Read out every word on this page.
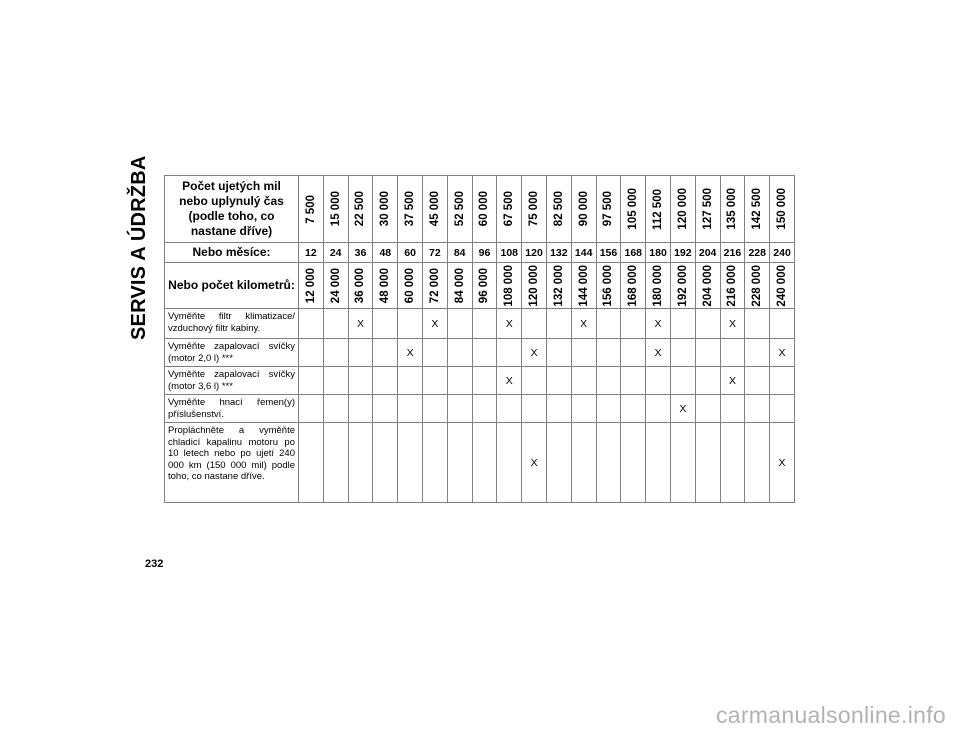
SERVIS A ÚDRŽBA	Počet ujetých mil nebo uplynulý čas (podle toho, co nastane dříve)	7 500	15 000	22 500	30 000	37 500	45 000	52 500	60 000	67 500	75 000	82 500	90 000	97 500	105 000	112 500	120 000	127 500	135 000	142 500	150 000

Nebo měsíce:	12	24	36	48	60	72	84	96	108	120	132	144	156	168	180	192	204	216	228	240
Nebo počet kilometrů:	12 000	24 000	36 000	48 000	60 000	72 000	84 000	96 000	108 000	120 000	132 000	144 000	156 000	168 000	180 000	192 000	204 000	216 000	228 000	240 000

Vyměňte filtr klimatizace/ vzduchový filtr kabiny.			X			X			X			X			X			X		
Vyměňte zapalovací svíčky (motor 2,0 l) ***					X					X					X					X
Vyměňte zapalovací svíčky (motor 3,6 l) ***									X									X		
Vyměňte hnací řemen(y) příslušenství.																X				
Propláchněte a vyměňte chladicí kapalinu motoru po 10 letech nebo po ujetí 240 000 km (150 000 mil) podle toho, co nastane dříve.										X										X
232
carmanualsonline.info
